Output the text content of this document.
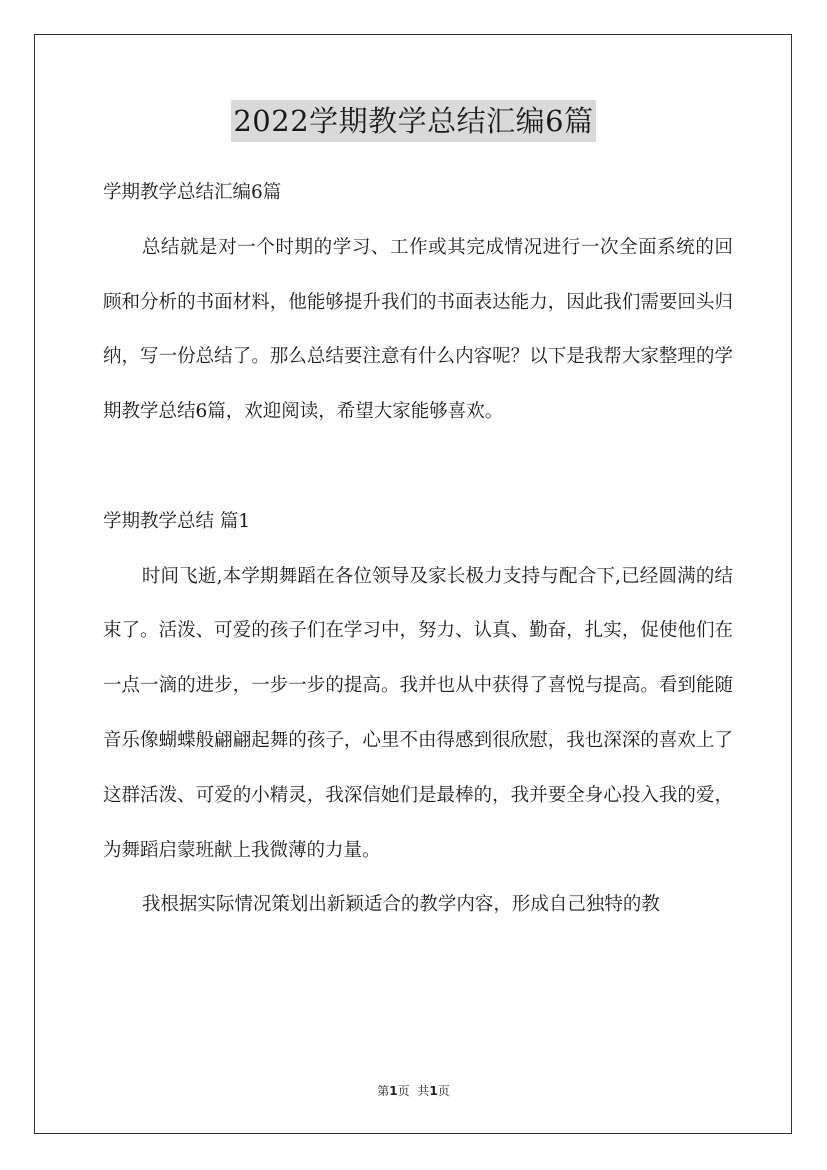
2022学期教学总结汇编6篇

学期教学总结汇编6篇

总结就是对一个时期的学习、工作或其完成情况进行一次全面系统的回顾和分析的书面材料，他能够提升我们的书面表达能力，因此我们需要回头归纳，写一份总结了。那么总结要注意有什么内容呢？以下是我帮大家整理的学期教学总结6篇，欢迎阅读，希望大家能够喜欢。

学期教学总结 篇1

时间飞逝,本学期舞蹈在各位领导及家长极力支持与配合下,已经圆满的结束了。活泼、可爱的孩子们在学习中，努力、认真、勤奋，扎实，促使他们在一点一滴的进步，一步一步的提高。我并也从中获得了喜悦与提高。看到能随音乐像蝴蝶般翩翩起舞的孩子，心里不由得感到很欣慰，我也深深的喜欢上了这群活泼、可爱的小精灵，我深信她们是最棒的，我并要全身心投入我的爱，为舞蹈启蒙班献上我微薄的力量。

我根据实际情况策划出新颖适合的教学内容，形成自己独特的教

第1页 共1页
